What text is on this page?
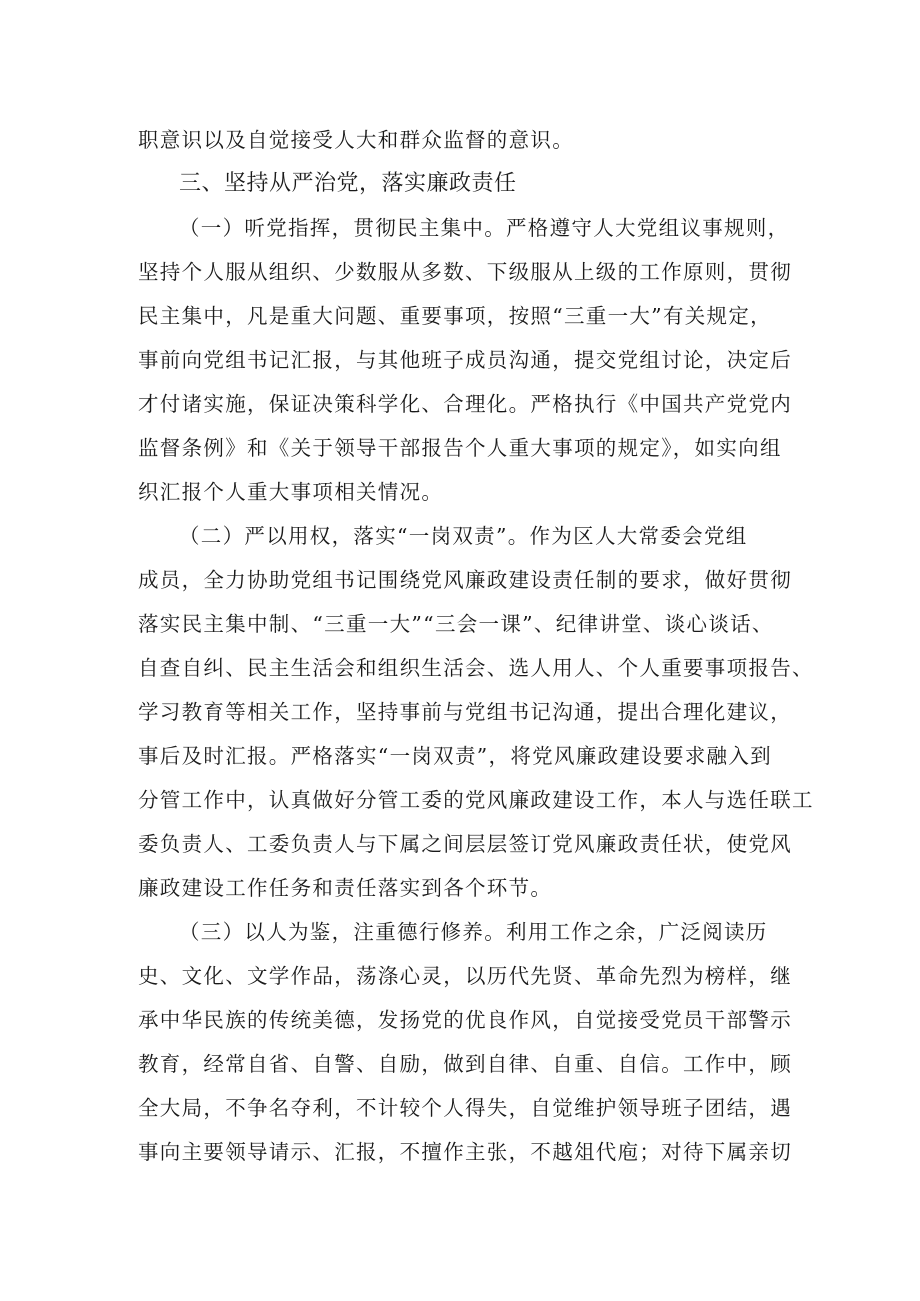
职意识以及自觉接受人大和群众监督的意识。
三、坚持从严治党，落实廉政责任
（一）听党指挥，贯彻民主集中。严格遵守人大党组议事规则，
坚持个人服从组织、少数服从多数、下级服从上级的工作原则，贯彻
民主集中，凡是重大问题、重要事项，按照“三重一大”有关规定，
事前向党组书记汇报，与其他班子成员沟通，提交党组讨论，决定后
才付诸实施，保证决策科学化、合理化。严格执行《中国共产党党内
监督条例》和《关于领导干部报告个人重大事项的规定》，如实向组
织汇报个人重大事项相关情况。
（二）严以用权，落实“一岗双责”。作为区人大常委会党组
成员，全力协助党组书记围绕党风廉政建设责任制的要求，做好贯彻
落实民主集中制、“三重一大”“三会一课”、纪律讲堂、谈心谈话、
自查自纠、民主生活会和组织生活会、选人用人、个人重要事项报告、
学习教育等相关工作，坚持事前与党组书记沟通，提出合理化建议，
事后及时汇报。严格落实“一岗双责”，将党风廉政建设要求融入到
分管工作中，认真做好分管工委的党风廉政建设工作，本人与选任联工
委负责人、工委负责人与下属之间层层签订党风廉政责任状，使党风
廉政建设工作任务和责任落实到各个环节。
（三）以人为鉴，注重德行修养。利用工作之余，广泛阅读历
史、文化、文学作品，荡涤心灵，以历代先贤、革命先烈为榜样，继
承中华民族的传统美德，发扬党的优良作风，自觉接受党员干部警示
教育，经常自省、自警、自励，做到自律、自重、自信。工作中，顾
全大局，不争名夺利，不计较个人得失，自觉维护领导班子团结，遇
事向主要领导请示、汇报，不擅作主张，不越俎代庖；对待下属亲切
